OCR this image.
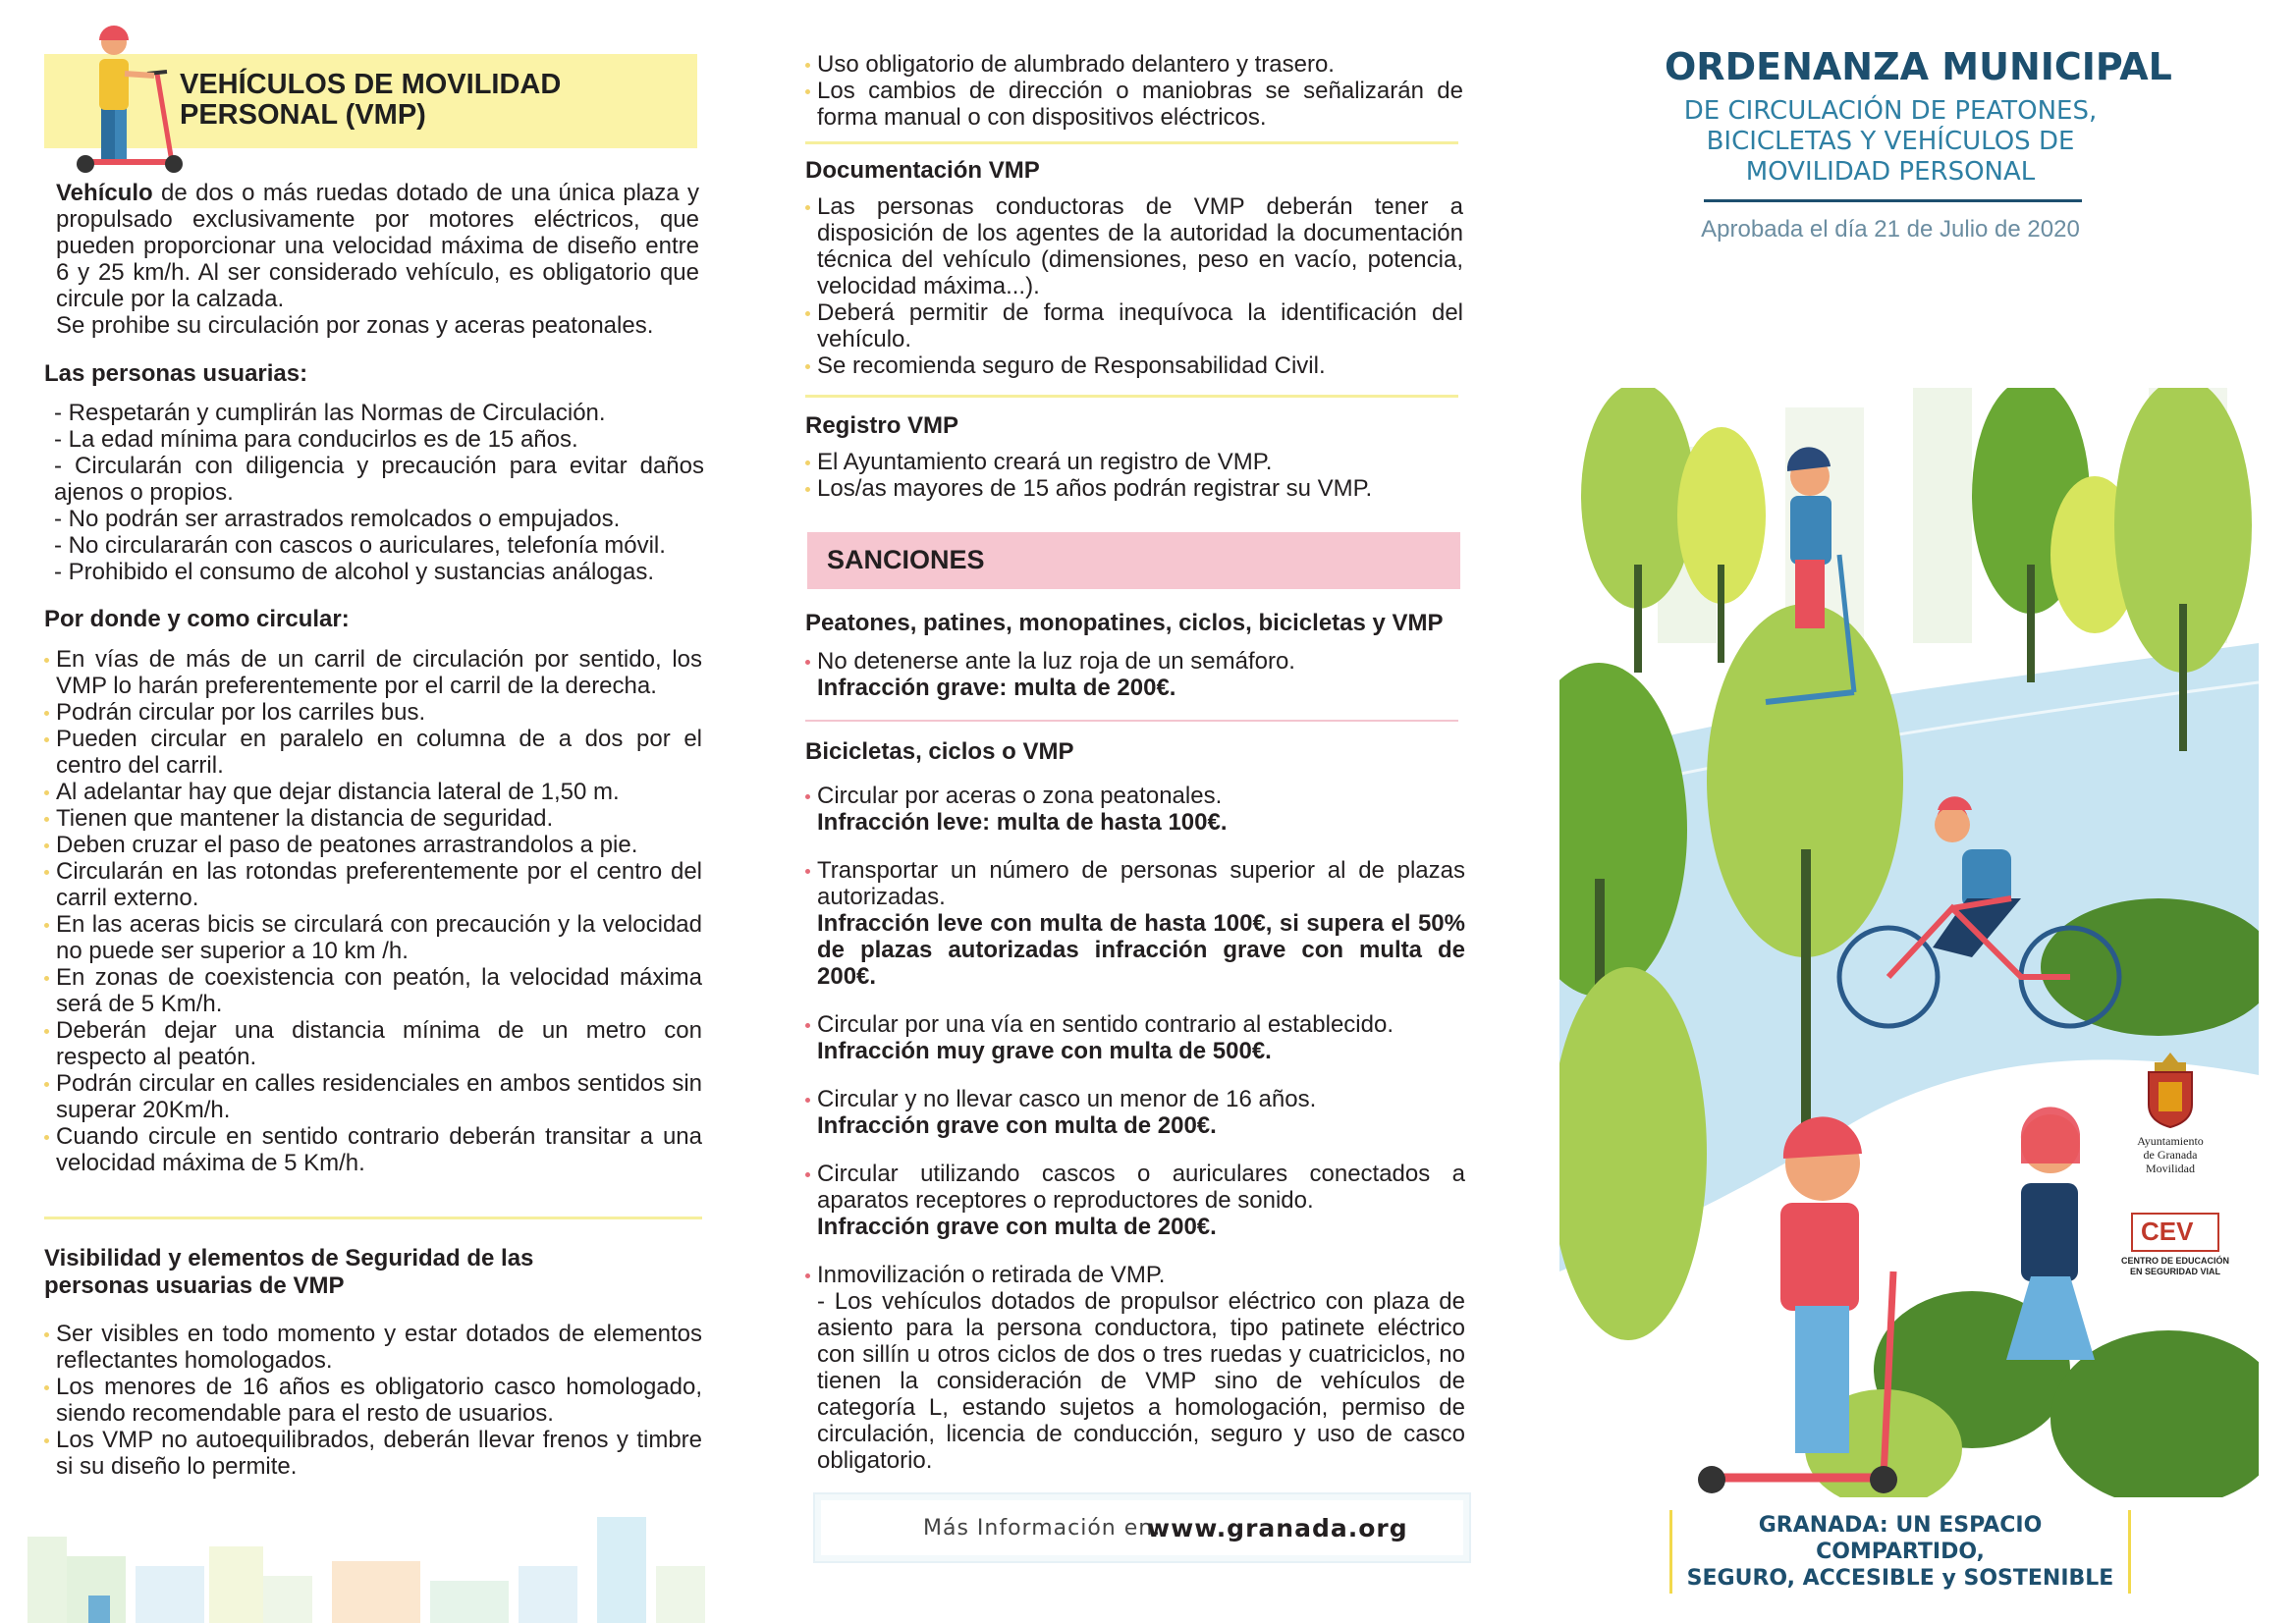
VEHÍCULOS DE MOVILIDAD
PERSONAL (VMP)

Vehículo de dos o más ruedas dotado de una única plaza y propulsado exclusivamente por motores eléctricos, que pueden proporcionar una velocidad máxima de diseño entre 6 y 25 km/h. Al ser considerado vehículo, es obligatorio que circule por la calzada.

Se prohibe su circulación por zonas y aceras peatonales.

Las personas usuarias:
- Respetarán y cumplirán las Normas de Circulación.
- La edad mínima para conducirlos es de 15 años.
- Circularán con diligencia y precaución para evitar daños ajenos o propios.
- No podrán ser arrastrados remolcados o empujados.
- No circulararán con cascos o auriculares, telefonía móvil.
- Prohibido el consumo de alcohol y sustancias análogas.
Por donde y como circular:
En vías de más de un carril de circulación por sentido, los VMP lo harán preferentemente por el carril de la derecha.
Podrán circular por los carriles bus.
Pueden circular en paralelo en columna de a dos por el centro del carril.
Al adelantar hay que dejar distancia lateral de 1,50 m.
Tienen que mantener la distancia de seguridad.
Deben cruzar el paso de peatones arrastrandolos a pie.
Circularán en las rotondas preferentemente por el centro del carril externo.
En las aceras bicis se circulará con precaución y la velocidad no puede ser superior a 10 km /h.
En zonas de coexistencia con peatón, la velocidad máxima será de 5 Km/h.
Deberán dejar una distancia mínima de un metro con respecto al peatón.
Podrán circular en calles residenciales en ambos sentidos sin superar 20Km/h.
Cuando circule en sentido contrario deberán transitar a una velocidad máxima de 5 Km/h.
Visibilidad y elementos de Seguridad de las
personas usuarias de VMP
Ser visibles en todo momento y estar dotados de elementos reflectantes homologados.
Los menores de 16 años es obligatorio casco homologado, siendo recomendable para el resto de usuarios.
Los VMP no autoequilibrados, deberán llevar frenos y timbre si su diseño lo permite.
Uso obligatorio de alumbrado delantero y trasero.
Los cambios de dirección o maniobras se señalizarán de forma manual o con dispositivos eléctricos.
Documentación VMP
Las personas conductoras de VMP deberán tener a disposición de los agentes de la autoridad la documentación técnica del vehículo (dimensiones, peso en vacío, potencia, velocidad máxima...).
Deberá permitir de forma inequívoca la identificación del vehículo.
Se recomienda seguro de Responsabilidad Civil.
Registro VMP
El Ayuntamiento creará un registro de VMP.
Los/as mayores de 15 años podrán registrar su VMP.
SANCIONES
Peatones, patines, monopatines, ciclos, bicicletas y VMP
No detenerse ante la luz roja de un semáforo.
Infracción grave: multa de 200€.
Bicicletas, ciclos o VMP
Circular por aceras o zona peatonales.
Infracción leve: multa de hasta 100€.
Transportar un número de personas superior al de plazas autorizadas.
Infracción leve con multa de hasta 100€, si supera el 50% de plazas autorizadas infracción grave con multa de 200€.
Circular por una vía en sentido contrario al establecido.
Infracción muy grave con multa de 500€.
Circular y no llevar casco un menor de 16 años.
Infracción grave con multa de 200€.
Circular utilizando cascos o auriculares conectados a aparatos receptores o reproductores de sonido.
Infracción grave con multa de 200€.
Inmovilización o retirada de VMP.
- Los vehículos dotados de propulsor eléctrico con plaza de asiento para la persona conductora, tipo patinete eléctrico con sillín u otros ciclos de dos o tres ruedas y cuatriciclos, no tienen la consideración de VMP sino de vehículos de categoría L, estando sujetos a homologación, permiso de circulación, licencia de conducción, seguro y uso de casco obligatorio.
Más Información en:
www.granada.org
ORDENANZA MUNICIPAL
DE CIRCULACIÓN DE PEATONES,
BICICLETAS Y VEHÍCULOS DE
MOVILIDAD PERSONAL
Aprobada el día 21 de Julio de 2020
Ayuntamiento
de Granada
Movilidad
CEV
CENTRO DE EDUCACIÓN
EN SEGURIDAD VIAL
GRANADA: UN ESPACIO COMPARTIDO,
SEGURO, ACCESIBLE y SOSTENIBLE
